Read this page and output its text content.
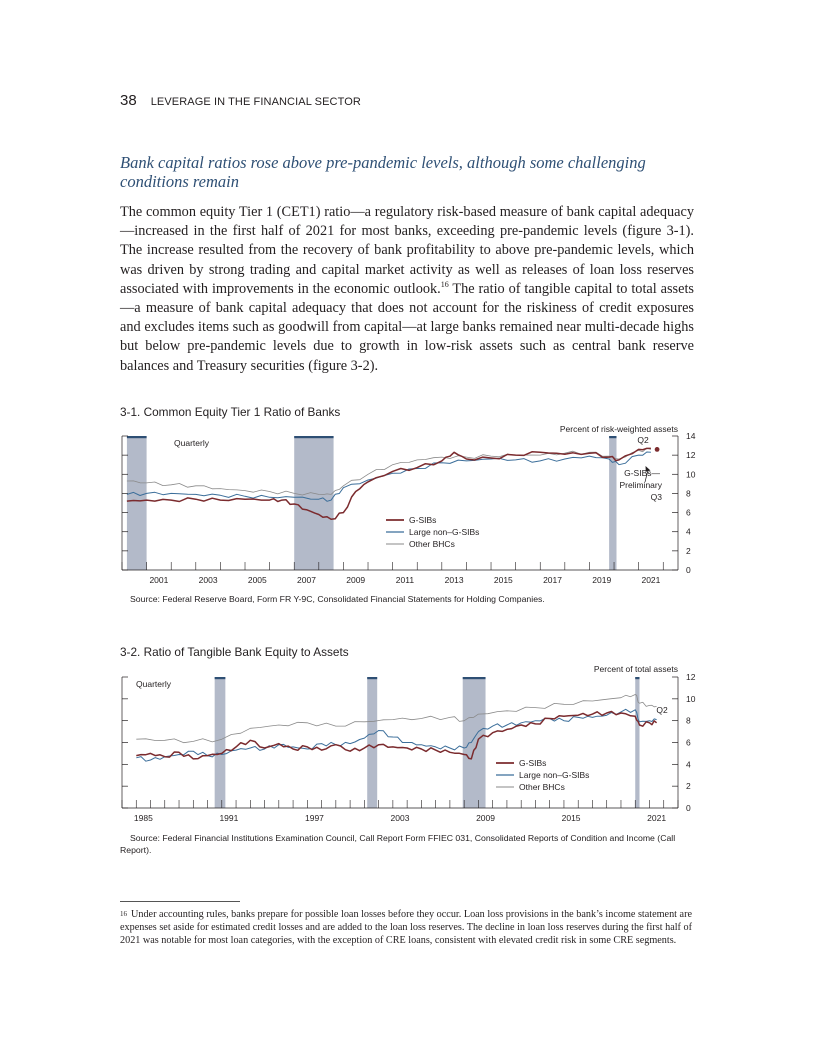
38 LEVERAGE IN THE FINANCIAL SECTOR
Bank capital ratios rose above pre-pandemic levels, although some challenging conditions remain
The common equity Tier 1 (CET1) ratio—a regulatory risk-based measure of bank capital adequacy—increased in the first half of 2021 for most banks, exceeding pre-pandemic levels (figure 3-1). The increase resulted from the recovery of bank profitability to above pre-pandemic levels, which was driven by strong trading and capital market activity as well as releases of loan loss reserves associated with improvements in the economic outlook.$^{16}$ The ratio of tangible capital to total assets—a measure of bank capital adequacy that does not account for the riskiness of credit exposures and excludes items such as goodwill from capital—at large banks remained near multi-decade highs but below pre-pandemic levels due to growth in low-risk assets such as central bank reserve balances and Treasury securities (figure 3-2).
3-1. Common Equity Tier 1 Ratio of Banks
0
2
4
6
8
10
12
14
2001	2003	2005	2007	2009	2011	2013	2015	2017	2019	2021
Percent of risk-weighted assets
Quarterly	Q2
G-SIBs—
Preliminary
Q3
G-SIBs
Large non–G-SIBs
Other BHCs
Source: Federal Reserve Board, Form FR Y-9C, Consolidated Financial Statements for Holding Companies.
3-2. Ratio of Tangible Bank Equity to Assets
0
2
4
6
8
10
12
1985	1991	1997	2003	2009	2015	2021
Percent of total assets
Quarterly
Q2
G-SIBs
Large non–G-SIBs
Other BHCs
Source: Federal Financial Institutions Examination Council, Call Report Form FFIEC 031, Consolidated Reports of Condition and Income (Call Report).
$^{16}$ Under accounting rules, banks prepare for possible loan losses before they occur. Loan loss provisions in the bank’s income statement are expenses set aside for estimated credit losses and are added to the loan loss reserves. The decline in loan loss reserves during the first half of 2021 was notable for most loan categories, with the exception of CRE loans, consistent with elevated credit risk in some CRE segments.
